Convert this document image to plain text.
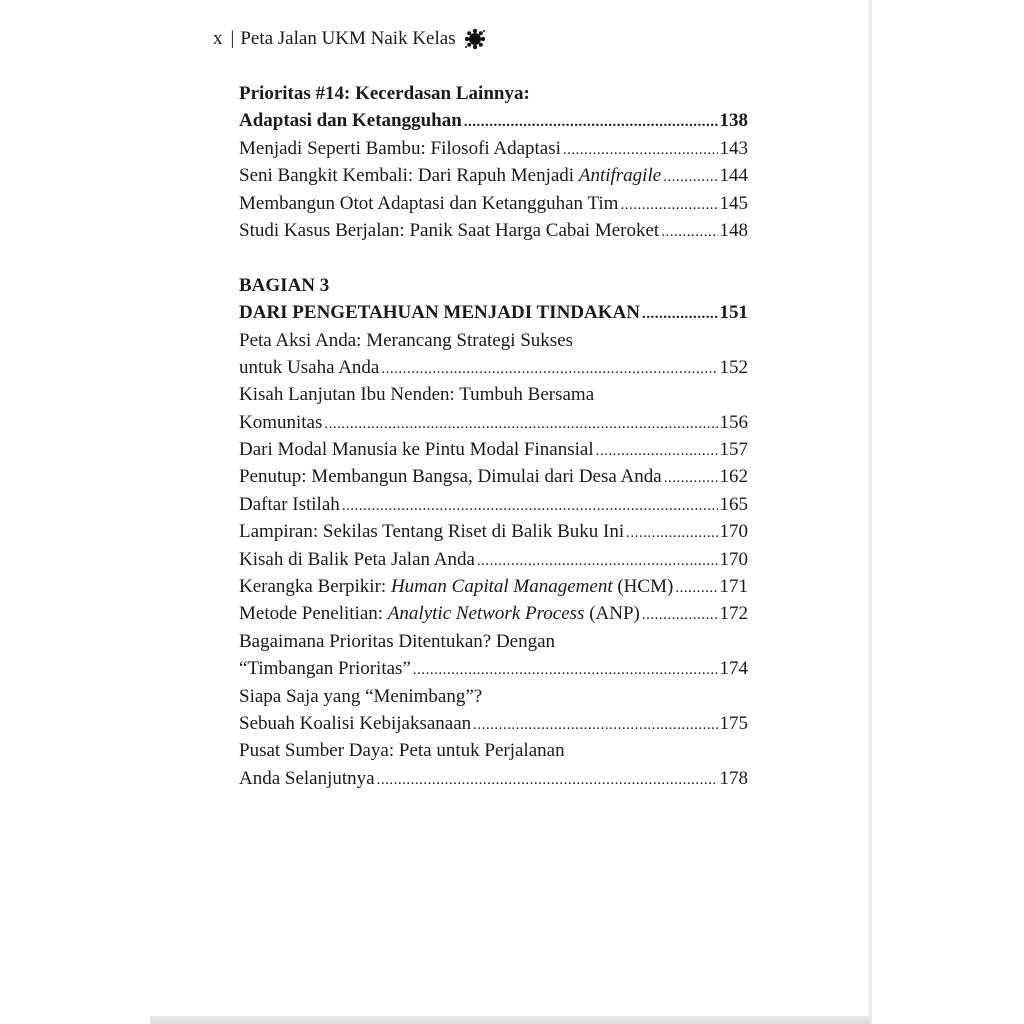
x | Peta Jalan UKM Naik Kelas
Prioritas #14: Kecerdasan Lainnya:
Adaptasi dan Ketangguhan .....	138
Menjadi Seperti Bambu: Filosofi Adaptasi .....	143
Seni Bangkit Kembali: Dari Rapuh Menjadi Antifragile .....	144
Membangun Otot Adaptasi dan Ketangguhan Tim .....	145
Studi Kasus Berjalan: Panik Saat Harga Cabai Meroket .....	148
BAGIAN 3
DARI PENGETAHUAN MENJADI TINDAKAN .....	151
Peta Aksi Anda: Merancang Strategi Sukses
untuk Usaha Anda .....	152
Kisah Lanjutan Ibu Nenden: Tumbuh Bersama
Komunitas .....	156
Dari Modal Manusia ke Pintu Modal Finansial .....	157
Penutup: Membangun Bangsa, Dimulai dari Desa Anda .....	162
Daftar Istilah .....	165
Lampiran: Sekilas Tentang Riset di Balik Buku Ini .....	170
Kisah di Balik Peta Jalan Anda .....	170
Kerangka Berpikir: Human Capital Management (HCM) ..... 171
Metode Penelitian: Analytic Network Process (ANP) .....	172
Bagaimana Prioritas Ditentukan? Dengan
“Timbangan Prioritas” .....	174
Siapa Saja yang “Menimbang”?
Sebuah Koalisi Kebijaksanaan .....	175
Pusat Sumber Daya: Peta untuk Perjalanan
Anda Selanjutnya .....	178
